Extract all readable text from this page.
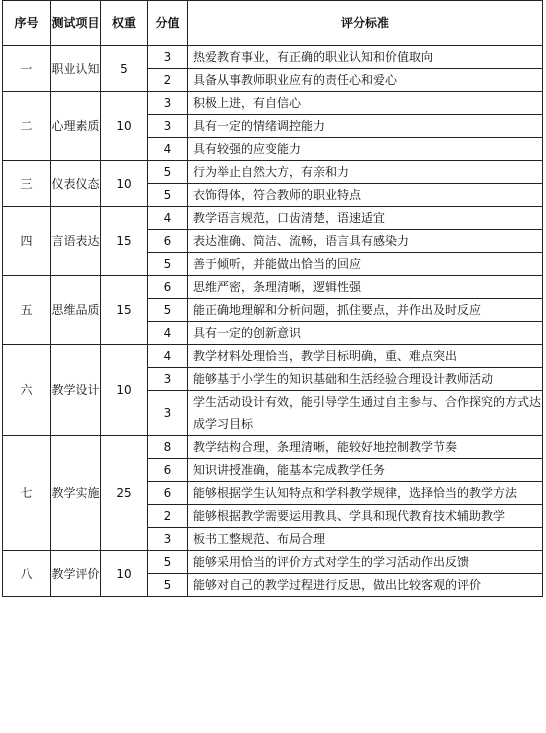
序号	测试项目	权重	分值	评分标准
一	职业认知	5	3	热爱教育事业，有正确的职业认知和价值取向
			2	具备从事教师职业应有的责任心和爱心
二	心理素质	10	3	积极上进，有自信心
			3	具有一定的情绪调控能力
			4	具有较强的应变能力
三	仪表仪态	10	5	行为举止自然大方，有亲和力
			5	衣饰得体，符合教师的职业特点
四	言语表达	15	4	教学语言规范，口齿清楚，语速适宜
			6	表达准确、简洁、流畅，语言具有感染力
			5	善于倾听，并能做出恰当的回应
五	思维品质	15	6	思维严密，条理清晰，逻辑性强
			5	能正确地理解和分析问题，抓住要点，并作出及时反应
			4	具有一定的创新意识
六	教学设计	10	4	教学材料处理恰当，教学目标明确，重、难点突出
			3	能够基于小学生的知识基础和生活经验合理设计教师活动
			3	学生活动设计有效，能引导学生通过自主参与、合作探究的方式达成学习目标
七	教学实施	25	8	教学结构合理，条理清晰，能较好地控制教学节奏
			6	知识讲授准确，能基本完成教学任务
			6	能够根据学生认知特点和学科教学规律，选择恰当的教学方法
			2	能够根据教学需要运用教具、学具和现代教育技术辅助教学
			3	板书工整规范、布局合理
八	教学评价	10	5	能够采用恰当的评价方式对学生的学习活动作出反馈
			5	能够对自己的教学过程进行反思，做出比较客观的评价
